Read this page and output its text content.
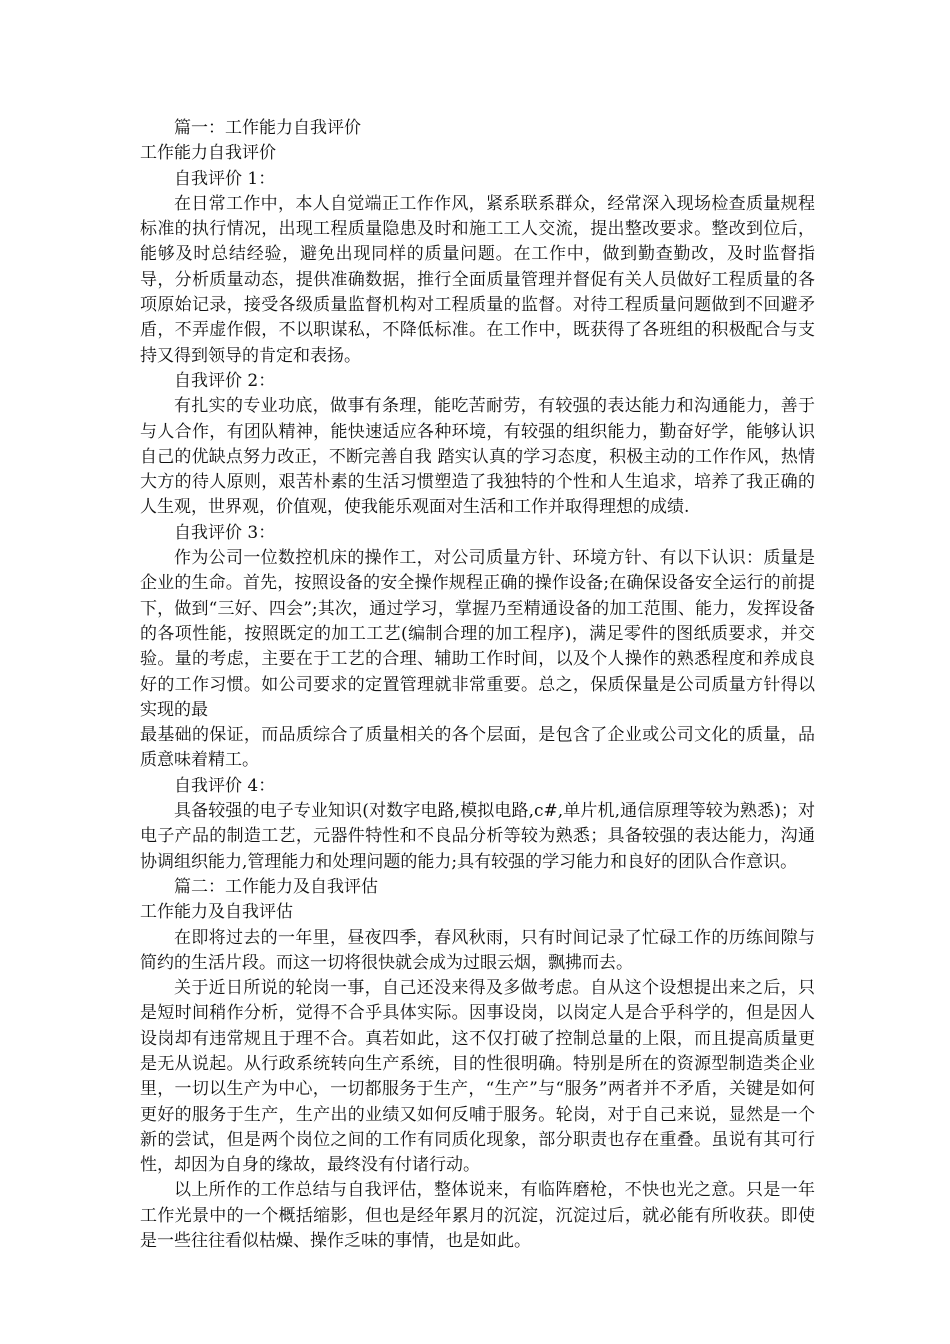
篇一：工作能力自我评价

工作能力自我评价

自我评价 1：

在日常工作中，本人自觉端正工作作风，紧系联系群众，经常深入现场检查质量规程标准的执行情况，出现工程质量隐患及时和施工工人交流，提出整改要求。整改到位后，能够及时总结经验，避免出现同样的质量问题。在工作中，做到勤查勤改，及时监督指导，分析质量动态，提供准确数据，推行全面质量管理并督促有关人员做好工程质量的各项原始记录，接受各级质量监督机构对工程质量的监督。对待工程质量问题做到不回避矛盾，不弄虚作假，不以职谋私，不降低标准。在工作中，既获得了各班组的积极配合与支持又得到领导的肯定和表扬。

自我评价 2：

有扎实的专业功底，做事有条理，能吃苦耐劳，有较强的表达能力和沟通能力，善于与人合作，有团队精神，能快速适应各种环境，有较强的组织能力，勤奋好学，能够认识自己的优缺点努力改正，不断完善自我 踏实认真的学习态度，积极主动的工作作风，热情大方的待人原则，艰苦朴素的生活习惯塑造了我独特的个性和人生追求，培养了我正确的人生观，世界观，价值观，使我能乐观面对生活和工作并取得理想的成绩.

自我评价 3：

作为公司一位数控机床的操作工，对公司质量方针、环境方针、有以下认识：质量是企业的生命。首先，按照设备的安全操作规程正确的操作设备;在确保设备安全运行的前提下，做到“三好、四会”;其次，通过学习，掌握乃至精通设备的加工范围、能力，发挥设备的各项性能，按照既定的加工工艺(编制合理的加工程序)，满足零件的图纸质要求，并交验。量的考虑，主要在于工艺的合理、辅助工作时间，以及个人操作的熟悉程度和养成良好的工作习惯。如公司要求的定置管理就非常重要。总之，保质保量是公司质量方针得以实现的最

最基础的保证，而品质综合了质量相关的各个层面，是包含了企业或公司文化的质量，品质意味着精工。

自我评价 4：

具备较强的电子专业知识(对数字电路,模拟电路,c#,单片机,通信原理等较为熟悉)；对电子产品的制造工艺，元器件特性和不良品分析等较为熟悉；具备较强的表达能力，沟通协调组织能力,管理能力和处理问题的能力;具有较强的学习能力和良好的团队合作意识。

篇二：工作能力及自我评估

工作能力及自我评估

在即将过去的一年里，昼夜四季，春风秋雨，只有时间记录了忙碌工作的历练间隙与简约的生活片段。而这一切将很快就会成为过眼云烟，飘拂而去。

关于近日所说的轮岗一事，自己还没来得及多做考虑。自从这个设想提出来之后，只是短时间稍作分析，觉得不合乎具体实际。因事设岗，以岗定人是合乎科学的，但是因人设岗却有违常规且于理不合。真若如此，这不仅打破了控制总量的上限，而且提高质量更是无从说起。从行政系统转向生产系统，目的性很明确。特别是所在的资源型制造类企业里，一切以生产为中心，一切都服务于生产，“生产”与“服务”两者并不矛盾，关键是如何更好的服务于生产，生产出的业绩又如何反哺于服务。轮岗，对于自己来说，显然是一个新的尝试，但是两个岗位之间的工作有同质化现象，部分职责也存在重叠。虽说有其可行性，却因为自身的缘故，最终没有付诸行动。

以上所作的工作总结与自我评估，整体说来，有临阵磨枪，不快也光之意。只是一年工作光景中的一个概括缩影，但也是经年累月的沉淀，沉淀过后，就必能有所收获。即使是一些往往看似枯燥、操作乏味的事情，也是如此。
